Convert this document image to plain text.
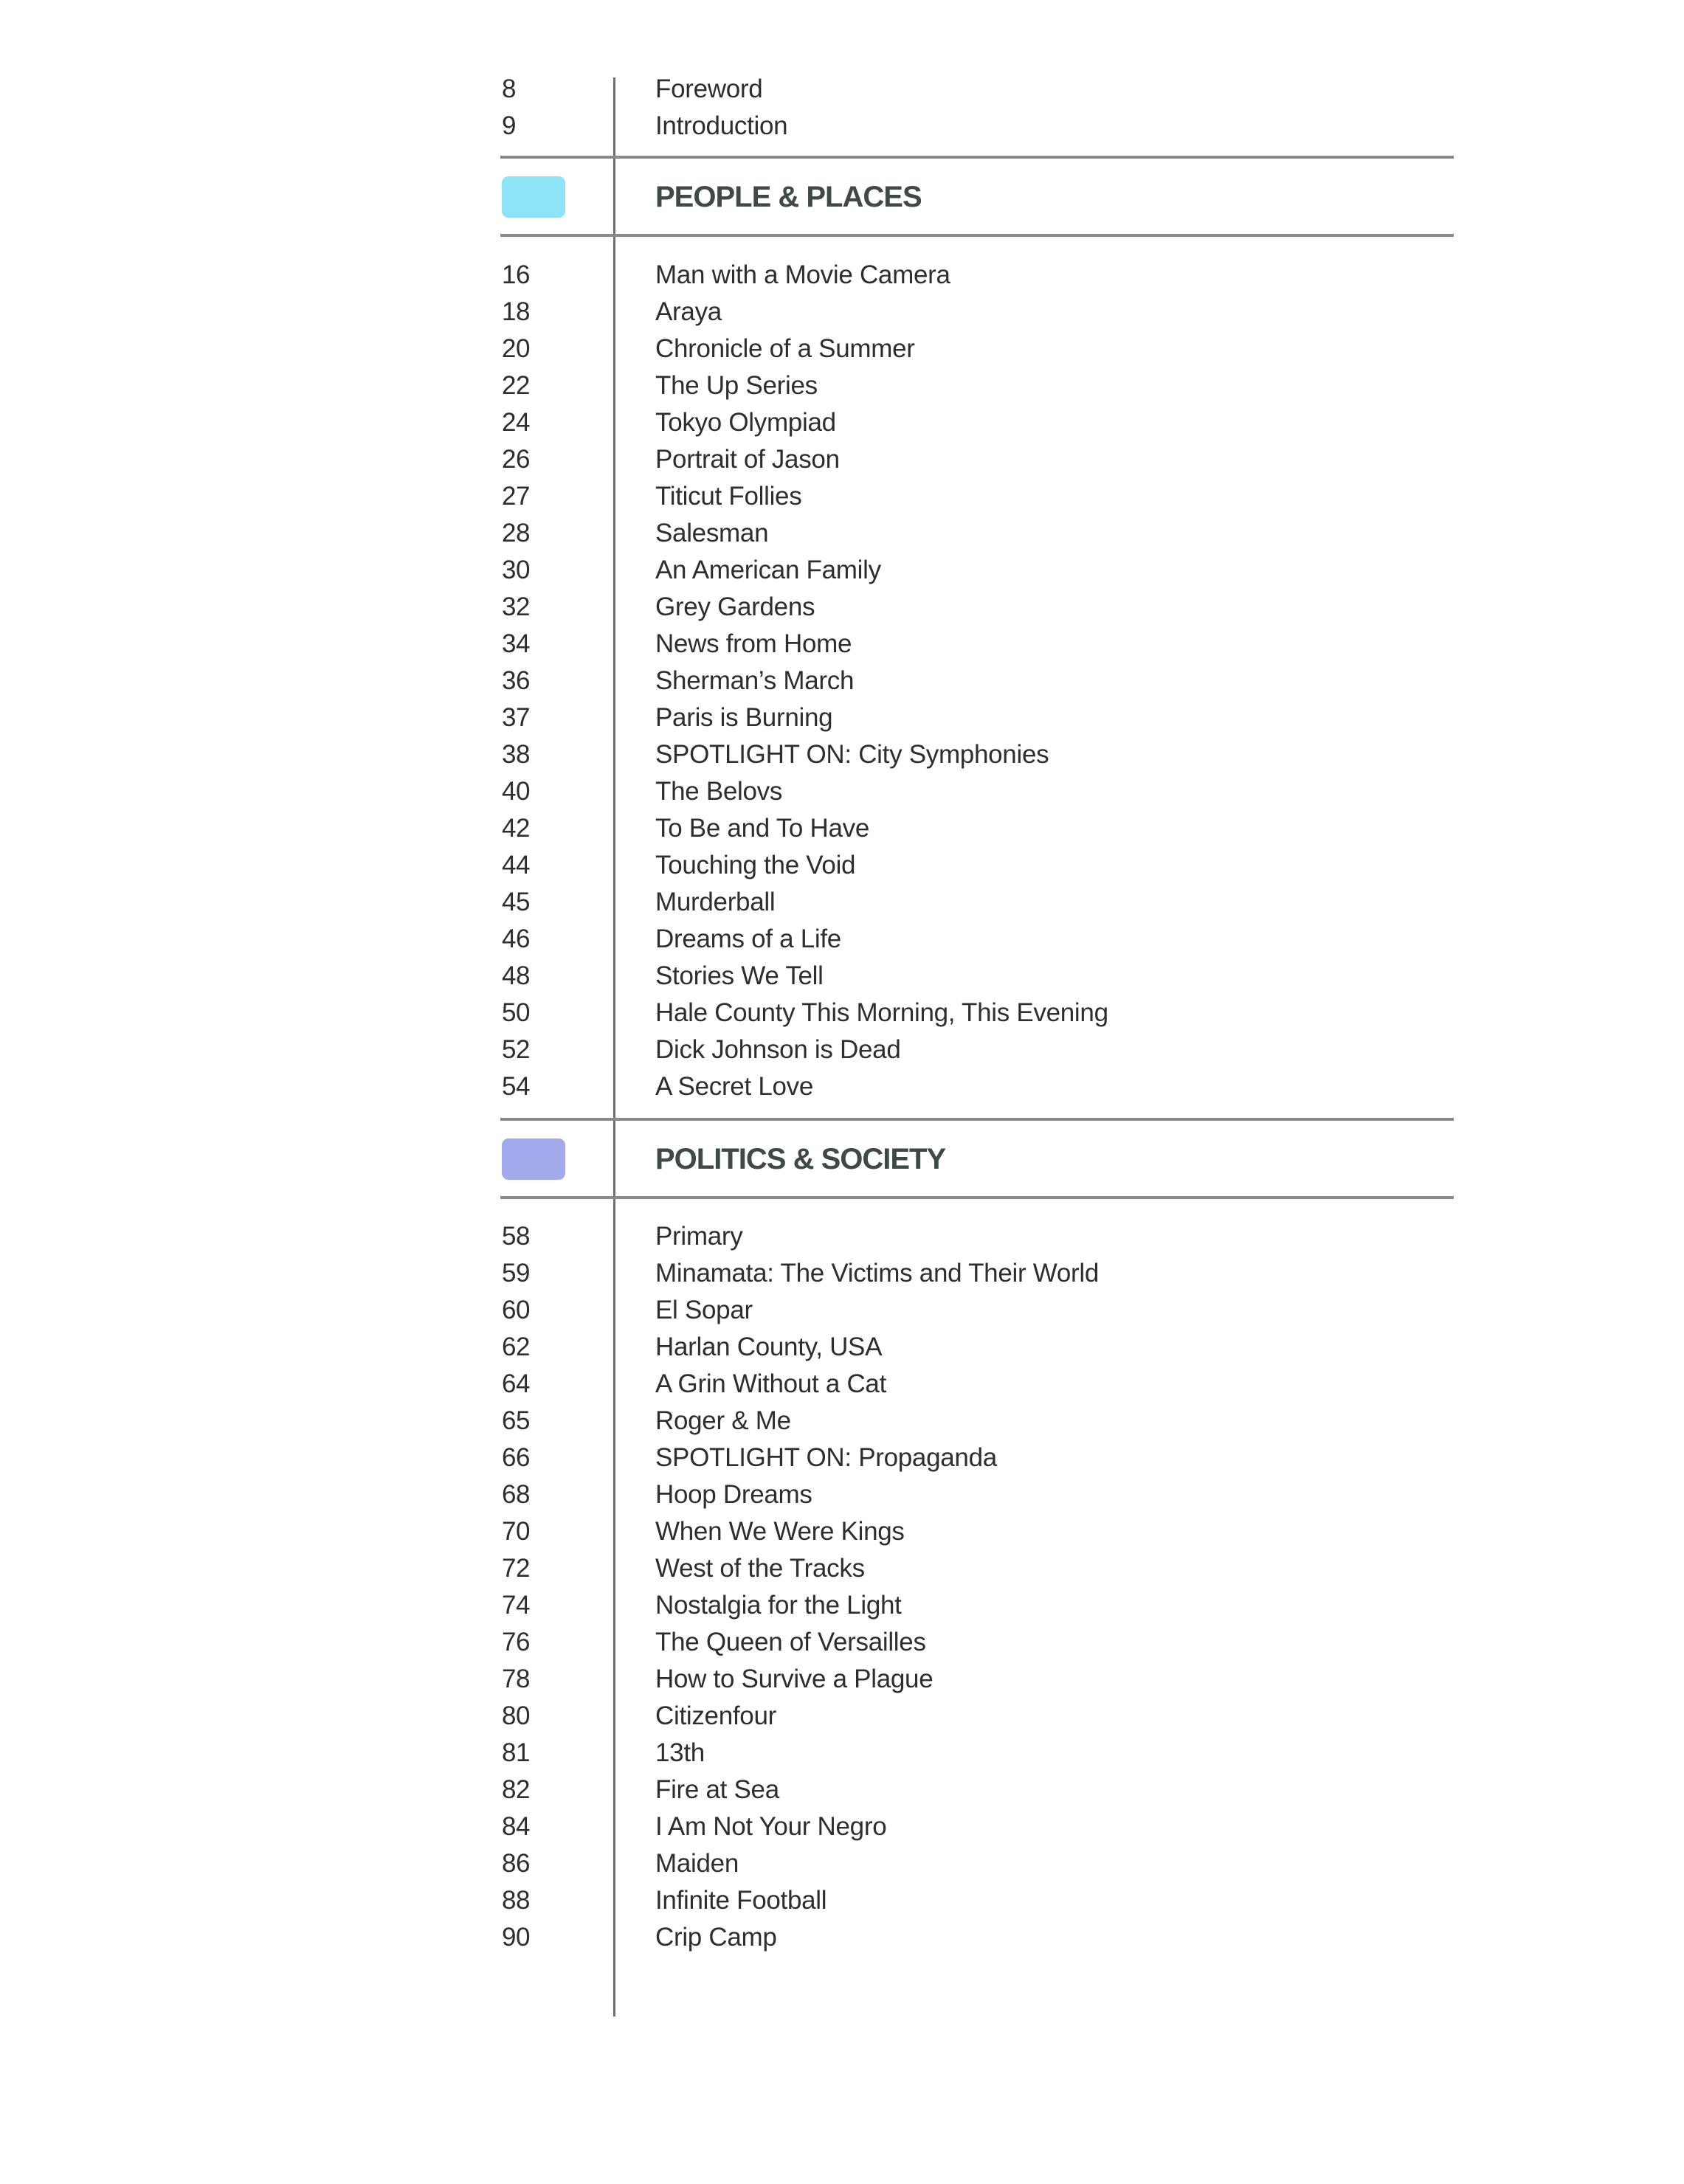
8	Foreword
9	Introduction
PEOPLE & PLACES
16	Man with a Movie Camera
18	Araya
20	Chronicle of a Summer
22	The Up Series
24	Tokyo Olympiad
26	Portrait of Jason
27	Titicut Follies
28	Salesman
30	An American Family
32	Grey Gardens
34	News from Home
36	Sherman’s March
37	Paris is Burning
38	SPOTLIGHT ON: City Symphonies
40	The Belovs
42	To Be and To Have
44	Touching the Void
45	Murderball
46	Dreams of a Life
48	Stories We Tell
50	Hale County This Morning, This Evening
52	Dick Johnson is Dead
54	A Secret Love
POLITICS & SOCIETY
58	Primary
59	Minamata: The Victims and Their World
60	El Sopar
62	Harlan County, USA
64	A Grin Without a Cat
65	Roger & Me
66	SPOTLIGHT ON: Propaganda
68	Hoop Dreams
70	When We Were Kings
72	West of the Tracks
74	Nostalgia for the Light
76	The Queen of Versailles
78	How to Survive a Plague
80	Citizenfour
81	13th
82	Fire at Sea
84	I Am Not Your Negro
86	Maiden
88	Infinite Football
90	Crip Camp
